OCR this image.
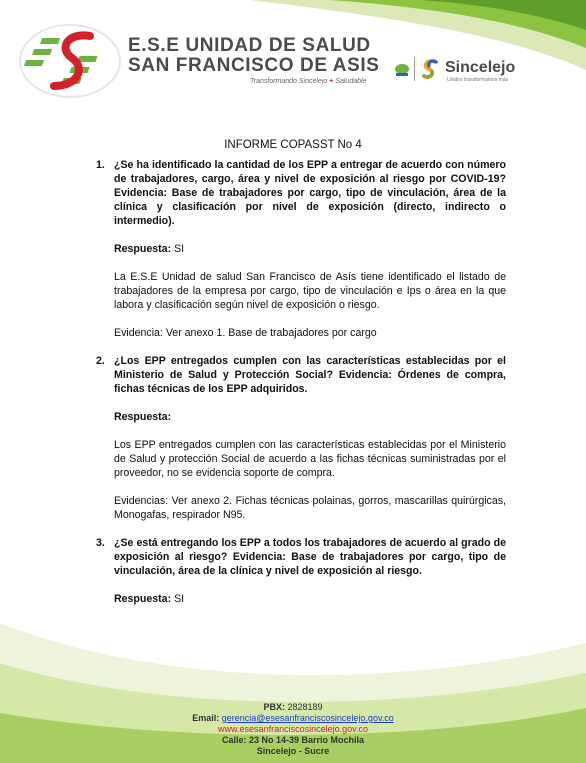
E.S.E UNIDAD DE SALUD
SAN FRANCISCO DE ASIS
Transformando Sincelejo + Saludable
Sincelejo
Unidos transformamos más
INFORME COPASST No 4
1. ¿Se ha identificado la cantidad de los EPP a entregar de acuerdo con número de trabajadores, cargo, área y nivel de exposición al riesgo por COVID-19? Evidencia: Base de trabajadores por cargo, tipo de vinculación, área de la clínica y clasificación por nivel de exposición (directo, indirecto o intermedio).

Respuesta: SI

La E.S.E Unidad de salud San Francisco de Asís tiene identificado el listado de trabajadores de la empresa por cargo, tipo de vinculación e Ips o área en la que labora y clasificación según nivel de exposición o riesgo.

Evidencia: Ver anexo 1. Base de trabajadores por cargo

2. ¿Los EPP entregados cumplen con las características establecidas por el Ministerio de Salud y Protección Social? Evidencia: Órdenes de compra, fichas técnicas de los EPP adquiridos.

Respuesta:

Los EPP entregados cumplen con las características establecidas por el Ministerio de Salud y protección Social de acuerdo a las fichas técnicas suministradas por el proveedor, no se evidencia soporte de compra.

Evidencias: Ver anexo 2. Fichas técnicas polainas, gorros, mascarillas quirúrgicas, Monogafas, respirador N95.

3. ¿Se está entregando los EPP a todos los trabajadores de acuerdo al grado de exposición al riesgo? Evidencia: Base de trabajadores por cargo, tipo de vinculación, área de la clínica y nivel de exposición al riesgo.

Respuesta: SI

PBX: 2828189
Email: gerencia@esesanfranciscosincelejo.gov.co
www.esesanfranciscosincelejo.gov.co
Calle: 23 No 14-39 Barrio Mochila
Sincelejo - Sucre
